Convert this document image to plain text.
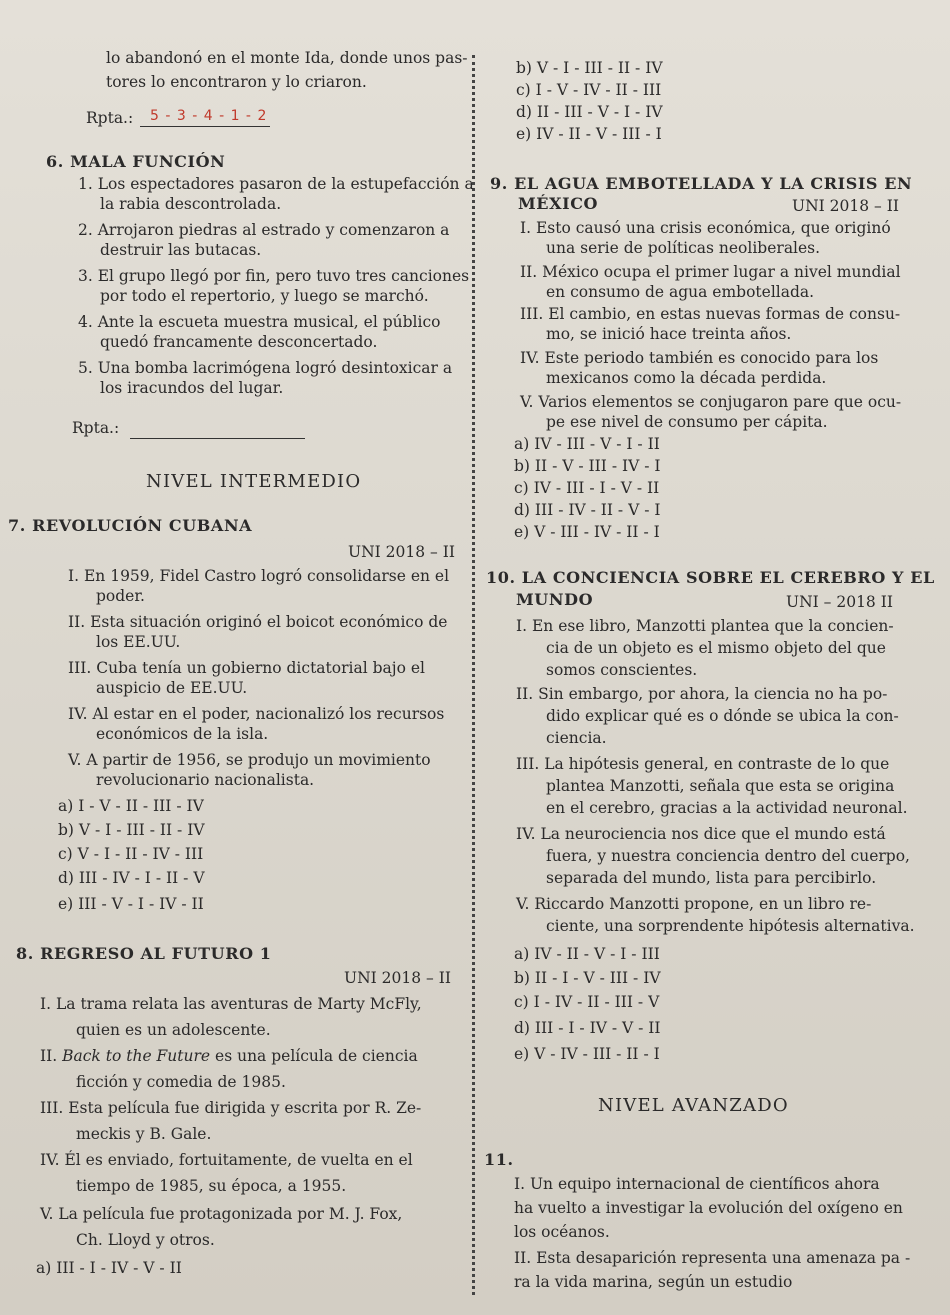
lo abandonó en el monte Ida, donde unos pas-
tores lo encontraron y lo criaron.
Rpta.: 5 - 3 - 4 - 1 - 2
6. MALA FUNCIÓN
1. Los espectadores pasaron de la estupefacción a
la rabia descontrolada.
2. Arrojaron piedras al estrado y comenzaron a
destruir las butacas.
3. El grupo llegó por fin, pero tuvo tres canciones
por todo el repertorio, y luego se marchó.
4. Ante la escueta muestra musical, el público
quedó francamente desconcertado.
5. Una bomba lacrimógena logró desintoxicar a
los iracundos del lugar.
Rpta.:
NIVEL INTERMEDIO
7. REVOLUCIÓN CUBANA
UNI 2018 – II
I. En 1959, Fidel Castro logró consolidarse en el
poder.
II. Esta situación originó el boicot económico de
los EE.UU.
III. Cuba tenía un gobierno dictatorial bajo el
auspicio de EE.UU.
IV. Al estar en el poder, nacionalizó los recursos
económicos de la isla.
V. A partir de 1956, se produjo un movimiento
revolucionario nacionalista.
a) I - V - II - III - IV
b) V - I - III - II - IV
c) V - I - II - IV - III
d) III - IV - I - II - V
e) III - V - I - IV - II
8. REGRESO AL FUTURO 1
UNI 2018 – II
I. La trama relata las aventuras de Marty McFly,
quien es un adolescente.
II. Back to the Future es una película de ciencia
ficción y comedia de 1985.
III. Esta película fue dirigida y escrita por R. Ze-
meckis y B. Gale.
IV. Él es enviado, fortuitamente, de vuelta en el
tiempo de 1985, su época, a 1955.
V. La película fue protagonizada por M. J. Fox,
Ch. Lloyd y otros.
a) III - I - IV - V - II
b) V - I - III - II - IV
c) I - V - IV - II - III
d) II - III - V - I - IV
e) IV - II - V - III - I
9. EL AGUA EMBOTELLADA Y LA CRISIS EN
MÉXICO	UNI 2018 – II
I. Esto causó una crisis económica, que originó
una serie de políticas neoliberales.
II. México ocupa el primer lugar a nivel mundial
en consumo de agua embotellada.
III. El cambio, en estas nuevas formas de consu-
mo, se inició hace treinta años.
IV. Este periodo también es conocido para los
mexicanos como la década perdida.
V. Varios elementos se conjugaron pare que ocu-
pe ese nivel de consumo per cápita.
a) IV - III - V - I - II
b) II - V - III - IV - I
c) IV - III - I - V - II
d) III - IV - II - V - I
e) V - III - IV - II - I
10. LA CONCIENCIA SOBRE EL CEREBRO Y EL
MUNDO	UNI – 2018 II
I. En ese libro, Manzotti plantea que la concien-
cia de un objeto es el mismo objeto del que
somos conscientes.
II. Sin embargo, por ahora, la ciencia no ha po-
dido explicar qué es o dónde se ubica la con-
ciencia.
III. La hipótesis general, en contraste de lo que
plantea Manzotti, señala que esta se origina
en el cerebro, gracias a la actividad neuronal.
IV. La neurociencia nos dice que el mundo está
fuera, y nuestra conciencia dentro del cuerpo,
separada del mundo, lista para percibirlo.
V. Riccardo Manzotti propone, en un libro re-
ciente, una sorprendente hipótesis alternativa.
a) IV - II - V - I - III
b) II - I - V - III - IV
c) I - IV - II - III - V
d) III - I - IV - V - II
e) V - IV - III - II - I
NIVEL AVANZADO
11.
I. Un equipo internacional de científicos ahora
ha vuelto a investigar la evolución del oxígeno en
los océanos.
II. Esta desaparición representa una amenaza pa -
ra la vida marina, según un estudio
